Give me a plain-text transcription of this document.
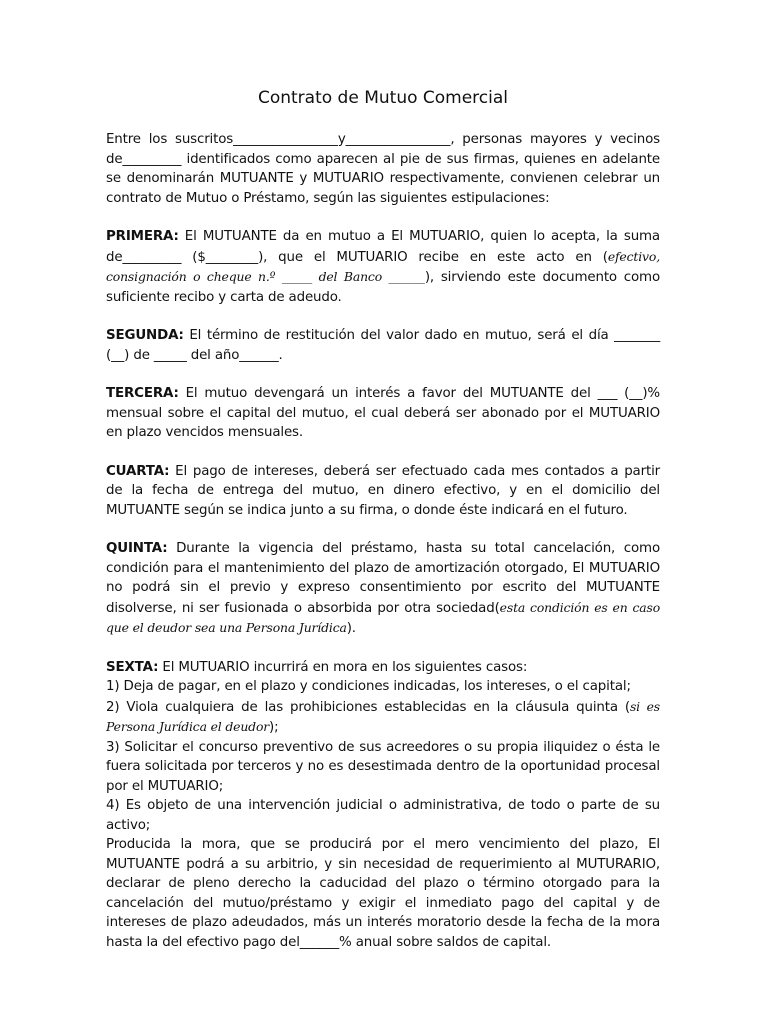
Contrato de Mutuo Comercial

Entre los suscritos________________y________________, personas mayores y vecinos de_________ identificados como aparecen al pie de sus firmas, quienes en adelante se denominarán MUTUANTE y MUTUARIO respectivamente, convienen celebrar un contrato de Mutuo o Préstamo, según las siguientes estipulaciones:

PRIMERA: El MUTUANTE da en mutuo a El MUTUARIO, quien lo acepta, la suma de_________ ($________), que el MUTUARIO recibe en este acto en (efectivo, consignación o cheque n.º _____ del Banco ______), sirviendo este documento como suficiente recibo y carta de adeudo.

SEGUNDA: El término de restitución del valor dado en mutuo, será el día _______ (__) de _____ del año______.

TERCERA: El mutuo devengará un interés a favor del MUTUANTE del ___ (__)% mensual sobre el capital del mutuo, el cual deberá ser abonado por el MUTUARIO en plazo vencidos mensuales.

CUARTA: El pago de intereses, deberá ser efectuado cada mes contados a partir de la fecha de entrega del mutuo, en dinero efectivo, y en el domicilio del MUTUANTE según se indica junto a su firma, o donde éste indicará en el futuro.

QUINTA: Durante la vigencia del préstamo, hasta su total cancelación, como condición para el mantenimiento del plazo de amortización otorgado, El MUTUARIO no podrá sin el previo y expreso consentimiento por escrito del MUTUANTE disolverse, ni ser fusionada o absorbida por otra sociedad(esta condición es en caso que el deudor sea una Persona Jurídica).

SEXTA: El MUTUARIO incurrirá en mora en los siguientes casos:

1) Deja de pagar, en el plazo y condiciones indicadas, los intereses, o el capital;

2) Viola cualquiera de las prohibiciones establecidas en la cláusula quinta (si es Persona Jurídica el deudor);

3) Solicitar el concurso preventivo de sus acreedores o su propia iliquidez o ésta le fuera solicitada por terceros y no es desestimada dentro de la oportunidad procesal por el MUTUARIO;

4) Es objeto de una intervención judicial o administrativa, de todo o parte de su activo;

Producida la mora, que se producirá por el mero vencimiento del plazo, El MUTUANTE podrá a su arbitrio, y sin necesidad de requerimiento al MUTURARIO, declarar de pleno derecho la caducidad del plazo o término otorgado para la cancelación del mutuo/préstamo y exigir el inmediato pago del capital y de intereses de plazo adeudados, más un interés moratorio desde la fecha de la mora hasta la del efectivo pago del______% anual sobre saldos de capital.
